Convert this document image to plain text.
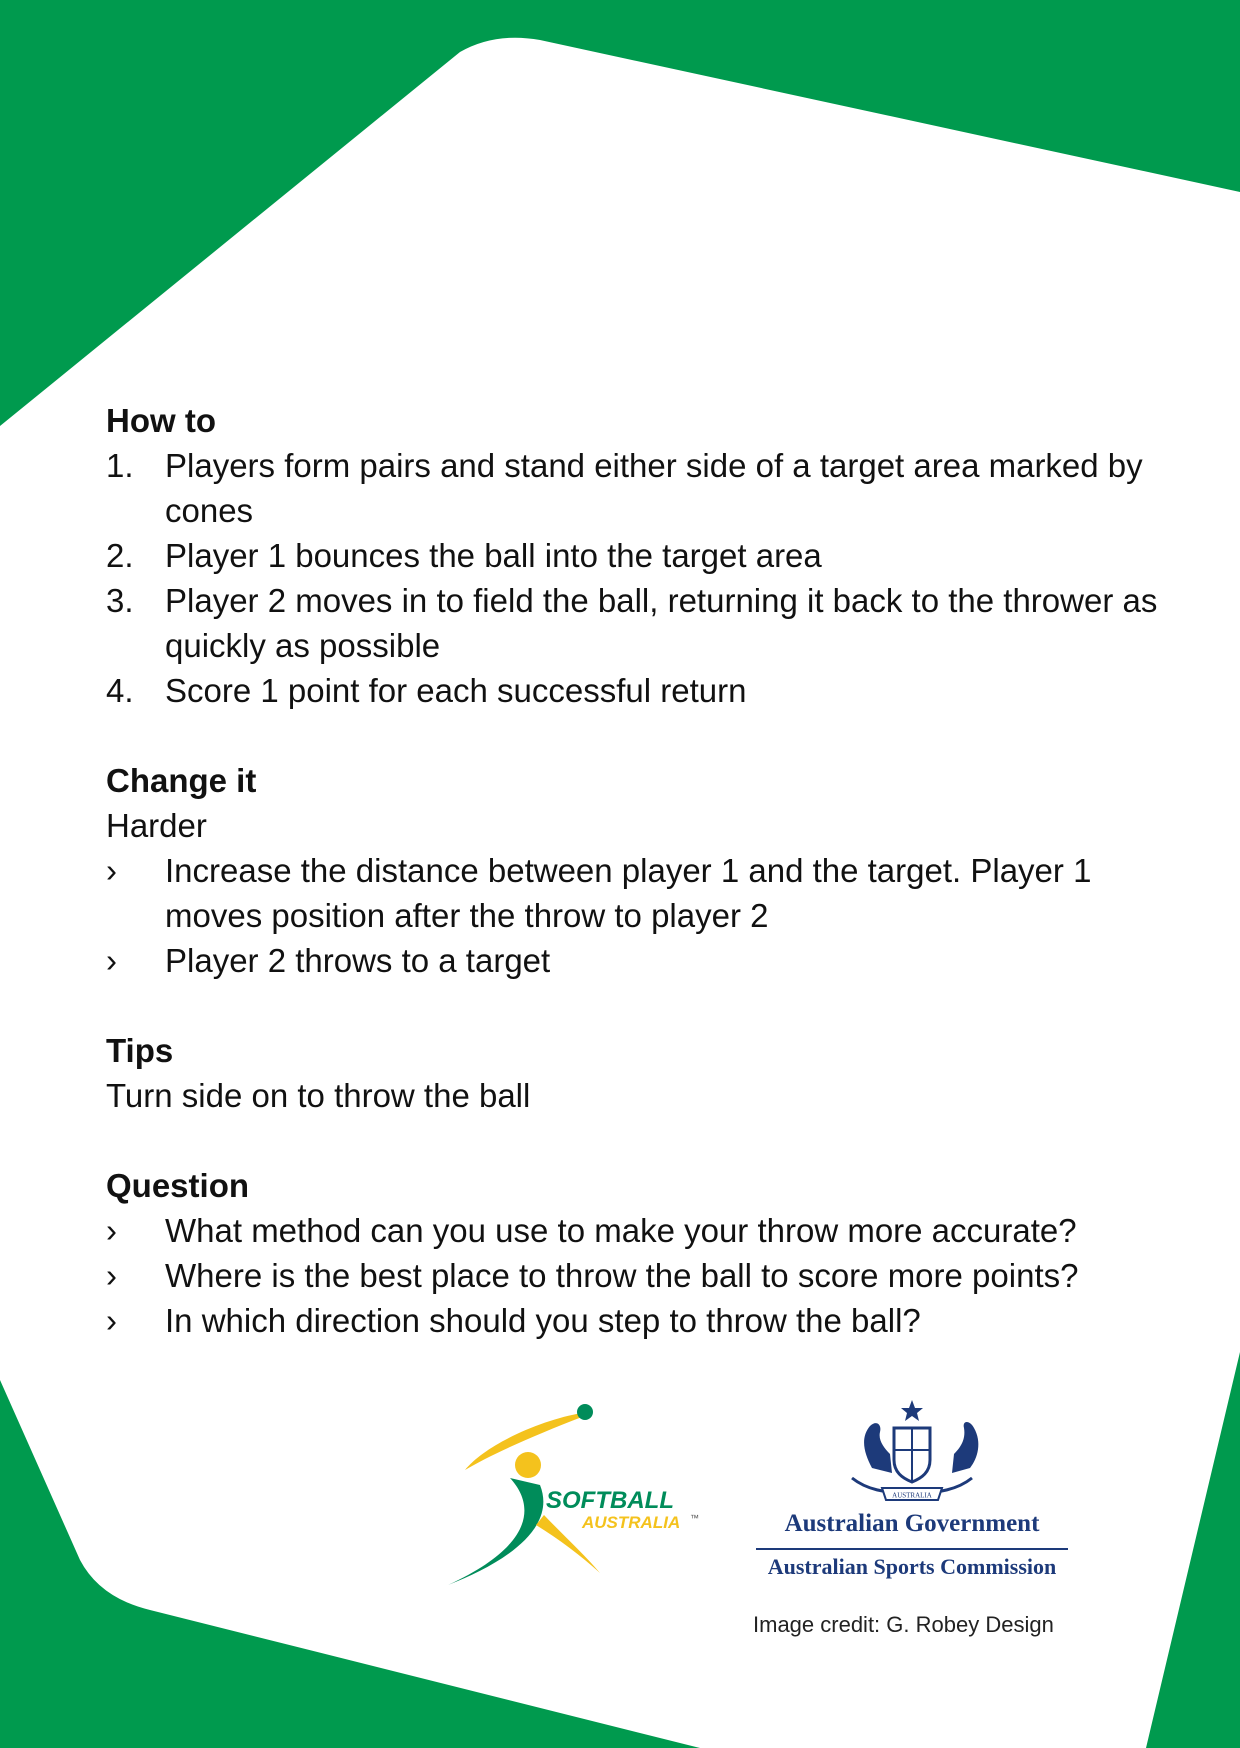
How to

1. Players form pairs and stand either side of a target area marked by cones
2. Player 1 bounces the ball into the target area
3. Player 2 moves in to field the ball, returning it back to the thrower as quickly as possible
4. Score 1 point for each successful return

Change it

Harder

›	Increase the distance between player 1 and the target. Player 1 moves position after the throw to player 2
›	Player 2 throws to a target

Tips

Turn side on to throw the ball

Question

›	What method can you use to make your throw more accurate?
›	Where is the best place to throw the ball to score more points?
›	In which direction should you step to throw the ball?
SOFTBALL
AUSTRALIA ™
AUSTRALIA
Australian Government
Australian Sports Commission
Image credit: G. Robey Design
